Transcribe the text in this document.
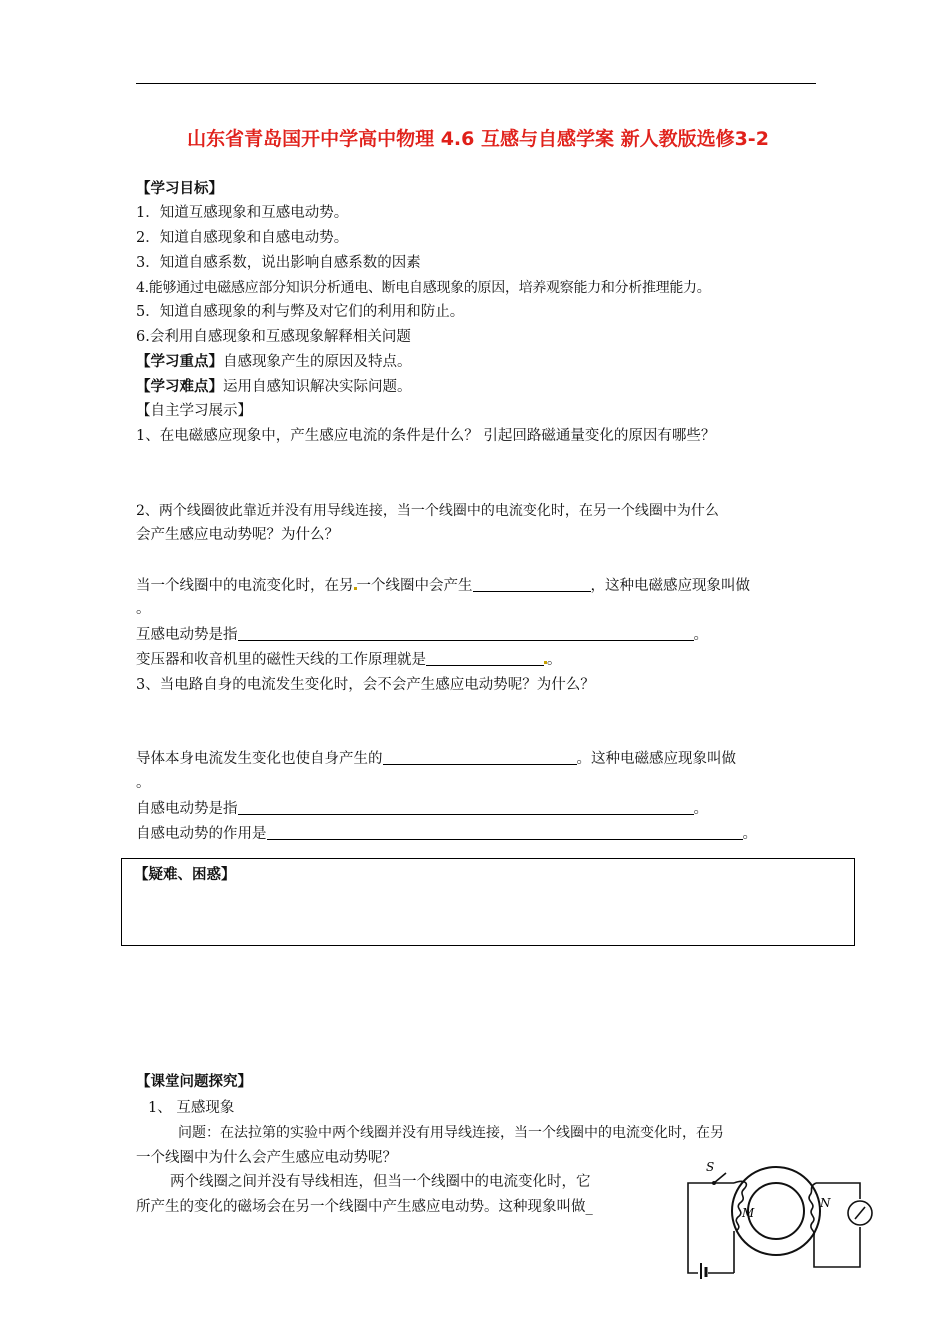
山东省青岛国开中学高中物理 4.6 互感与自感学案 新人教版选修3-2
【学习目标】
1．知道互感现象和互感电动势。
2．知道自感现象和自感电动势。
3．知道自感系数，说出影响自感系数的因素
4.能够通过电磁感应部分知识分析通电、断电自感现象的原因，培养观察能力和分析推理能力。
5．知道自感现象的利与弊及对它们的利用和防止。
6.会利用自感现象和互感现象解释相关问题
【学习重点】自感现象产生的原因及特点。
【学习难点】运用自感知识解决实际问题。
【自主学习展示】
1、在电磁感应现象中，产生感应电流的条件是什么？ 引起回路磁通量变化的原因有哪些？
2、两个线圈彼此靠近并没有用导线连接，当一个线圈中的电流变化时，在另一个线圈中为什么
会产生感应电动势呢？为什么？
当一个线圈中的电流变化时，在另 一个线圈中会产生	，这种电磁感应现象叫做
。
互感电动势是指	。
变压器和收音机里的磁性天线的工作原理就是	。
3、当电路自身的电流发生变化时，会不会产生感应电动势呢？为什么？
导体本身电流发生变化也使自身产生的	。这种电磁感应现象叫做
。
自感电动势是指	。
自感电动势的作用是	。
【疑难、困惑】
【课堂问题探究】
1、 互感现象
问题：在法拉第的实验中两个线圈并没有用导线连接，当一个线圈中的电流变化时，在另
一个线圈中为什么会产生感应电动势呢？
两个线圈之间并没有导线相连，但当一个线圈中的电流变化时，它
所产生的变化的磁场会在另一个线圈中产生感应电动势。这种现象叫做_
S
M
N
